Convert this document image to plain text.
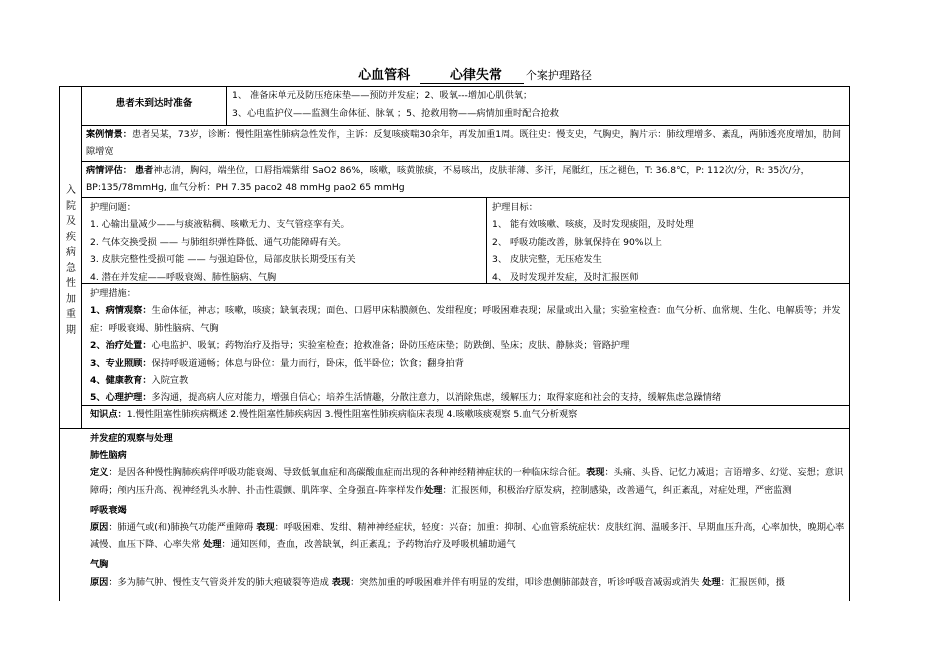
心血管科	心律失常 个案护理路径
入
院
及
疾
病
急
性
加
重
期
患者未到达时准备
1、 准备床单元及防压疮床垫——预防并发症；2、吸氧---增加心肌供氧；
3、心电监护仪——监测生命体征、脉氧 ；5、抢救用物——病情加重时配合抢救
案例情景：患者吴某，73岁，诊断：慢性阻塞性肺病急性发作，主诉：反复咳痰喘30余年，再发加重1周。既往史：慢支史，气胸史，胸片示：肺纹理增多、紊乱，两肺透亮度增加，肋间隙增宽
病情评估： 患者神志清，胸闷，端坐位，口唇指端紫绀 SaO2 86%，咳嗽，咳黄脓痰，不易咳出，皮肤菲薄、多汗，尾骶红，压之褪色，T: 36.8℃，P: 112次/分，R: 35次/分，BP:135/78mmHg, 血气分析：PH 7.35 paco2 48 mmHg pao2 65 mmHg

护理问题：

1. 心输出量减少——与痰液粘稠、咳嗽无力、支气管痉挛有关。

2. 气体交换受损 —— 与肺组织弹性降低、通气功能障碍有关。

3. 皮肤完整性受损可能 —— 与强迫卧位，局部皮肤长期受压有关

4. 潜在并发症——呼吸衰竭、肺性脑病、气胸

护理目标：

1、 能有效咳嗽、咳痰，及时发现痰阻，及时处理

2、 呼吸功能改善，脉氧保持在 90%以上

3、 皮肤完整，无压疮发生

4、 及时发现并发症，及时汇报医师

护理措施：

1、病情观察：生命体征，神志；咳嗽，咳痰；缺氧表现；面色、口唇甲床粘膜颜色、发绀程度；呼吸困难表现；尿量或出入量；实验室检查：血气分析、血常规、生化、电解质等；并发症：呼吸衰竭、肺性脑病、气胸

2、治疗处置：心电监护、吸氧；药物治疗及指导；实验室检查；抢救准备；卧防压疮床垫；防跌倒、坠床；皮肤、静脉炎；管路护理

3、专业照顾：保持呼吸道通畅；体息与卧位：量力而行，卧床，低半卧位；饮食；翻身拍背

4、健康教育：入院宣教

5、心理护理：多沟通，提高病人应对能力，增强自信心；培养生活情趣，分散注意力，以消除焦虑，缓解压力；取得家庭和社会的支持，缓解焦虑急躁情绪

知识点：1.慢性阻塞性肺疾病概述 2.慢性阻塞性肺疾病因 3.慢性阻塞性肺疾病临床表现 4.咳嗽咳痰观察 5.血气分析观察

并发症的观察与处理

肺性脑病

定义：是因各种慢性胸肺疾病伴呼吸功能衰竭、导致低氧血症和高碳酸血症而出现的各种神经精神症状的一种临床综合征。表现：头痛、头昏、记忆力减退；言语增多、幻觉、妄想；意识障碍；颅内压升高、视神经乳头水肿、扑击性震颤、肌阵挛、全身强直-阵挛样发作处理：汇报医师，积极治疗原发病，控制感染，改善通气，纠正紊乱，对症处理，严密监测

呼吸衰竭

原因：肺通气或(和)肺换气功能严重障碍 表现：呼吸困难、发绀、精神神经症状，轻度：兴奋；加重：抑制、心血管系统症状：皮肤红润、温暖多汗、早期血压升高，心率加快，晚期心率减慢、血压下降、心率失常 处理：通知医师，查血，改善缺氧，纠正紊乱；予药物治疗及呼吸机辅助通气

气胸

原因：多为肺气肿、慢性支气管炎并发的肺大疱破裂等造成 表现：突然加重的呼吸困难并伴有明显的发绀，叩诊患侧肺部鼓音，听诊呼吸音减弱或消失 处理：汇报医师，摄
